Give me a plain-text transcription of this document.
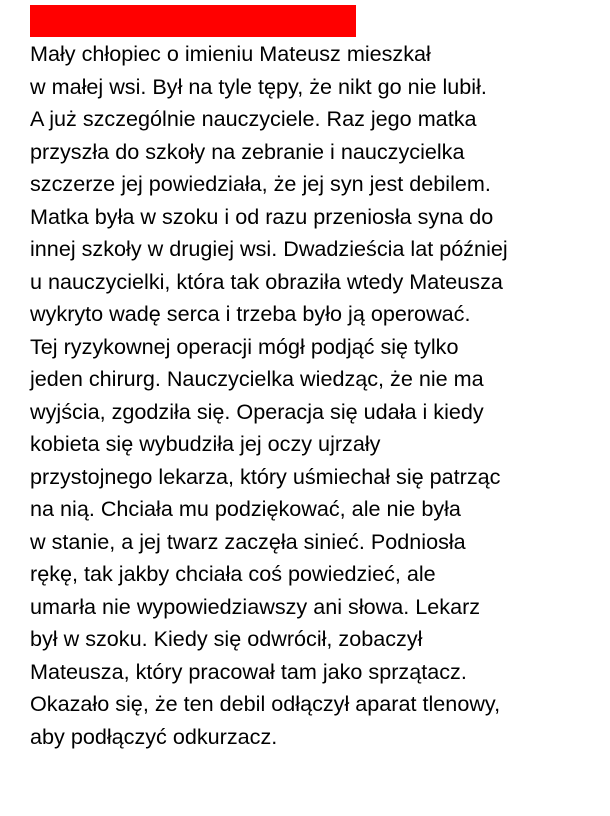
Mały chłopiec o imieniu Mateusz mieszkał
w małej wsi. Był na tyle tępy, że nikt go nie lubił.
A już szczególnie nauczyciele. Raz jego matka
przyszła do szkoły na zebranie i nauczycielka
szczerze jej powiedziała, że jej syn jest debilem.
Matka była w szoku i od razu przeniosła syna do
innej szkoły w drugiej wsi. Dwadzieścia lat później
u nauczycielki, która tak obraziła wtedy Mateusza
wykryto wadę serca i trzeba było ją operować.
Tej ryzykownej operacji mógł podjąć się tylko
jeden chirurg. Nauczycielka wiedząc, że nie ma
wyjścia, zgodziła się. Operacja się udała i kiedy
kobieta się wybudziła jej oczy ujrzały
przystojnego lekarza, który uśmiechał się patrząc
na nią. Chciała mu podziękować, ale nie była
w stanie, a jej twarz zaczęła sinieć. Podniosła
rękę, tak jakby chciała coś powiedzieć, ale
umarła nie wypowiedziawszy ani słowa. Lekarz
był w szoku. Kiedy się odwrócił, zobaczył
Mateusza, który pracował tam jako sprzątacz.
Okazało się, że ten debil odłączył aparat tlenowy,
aby podłączyć odkurzacz.
